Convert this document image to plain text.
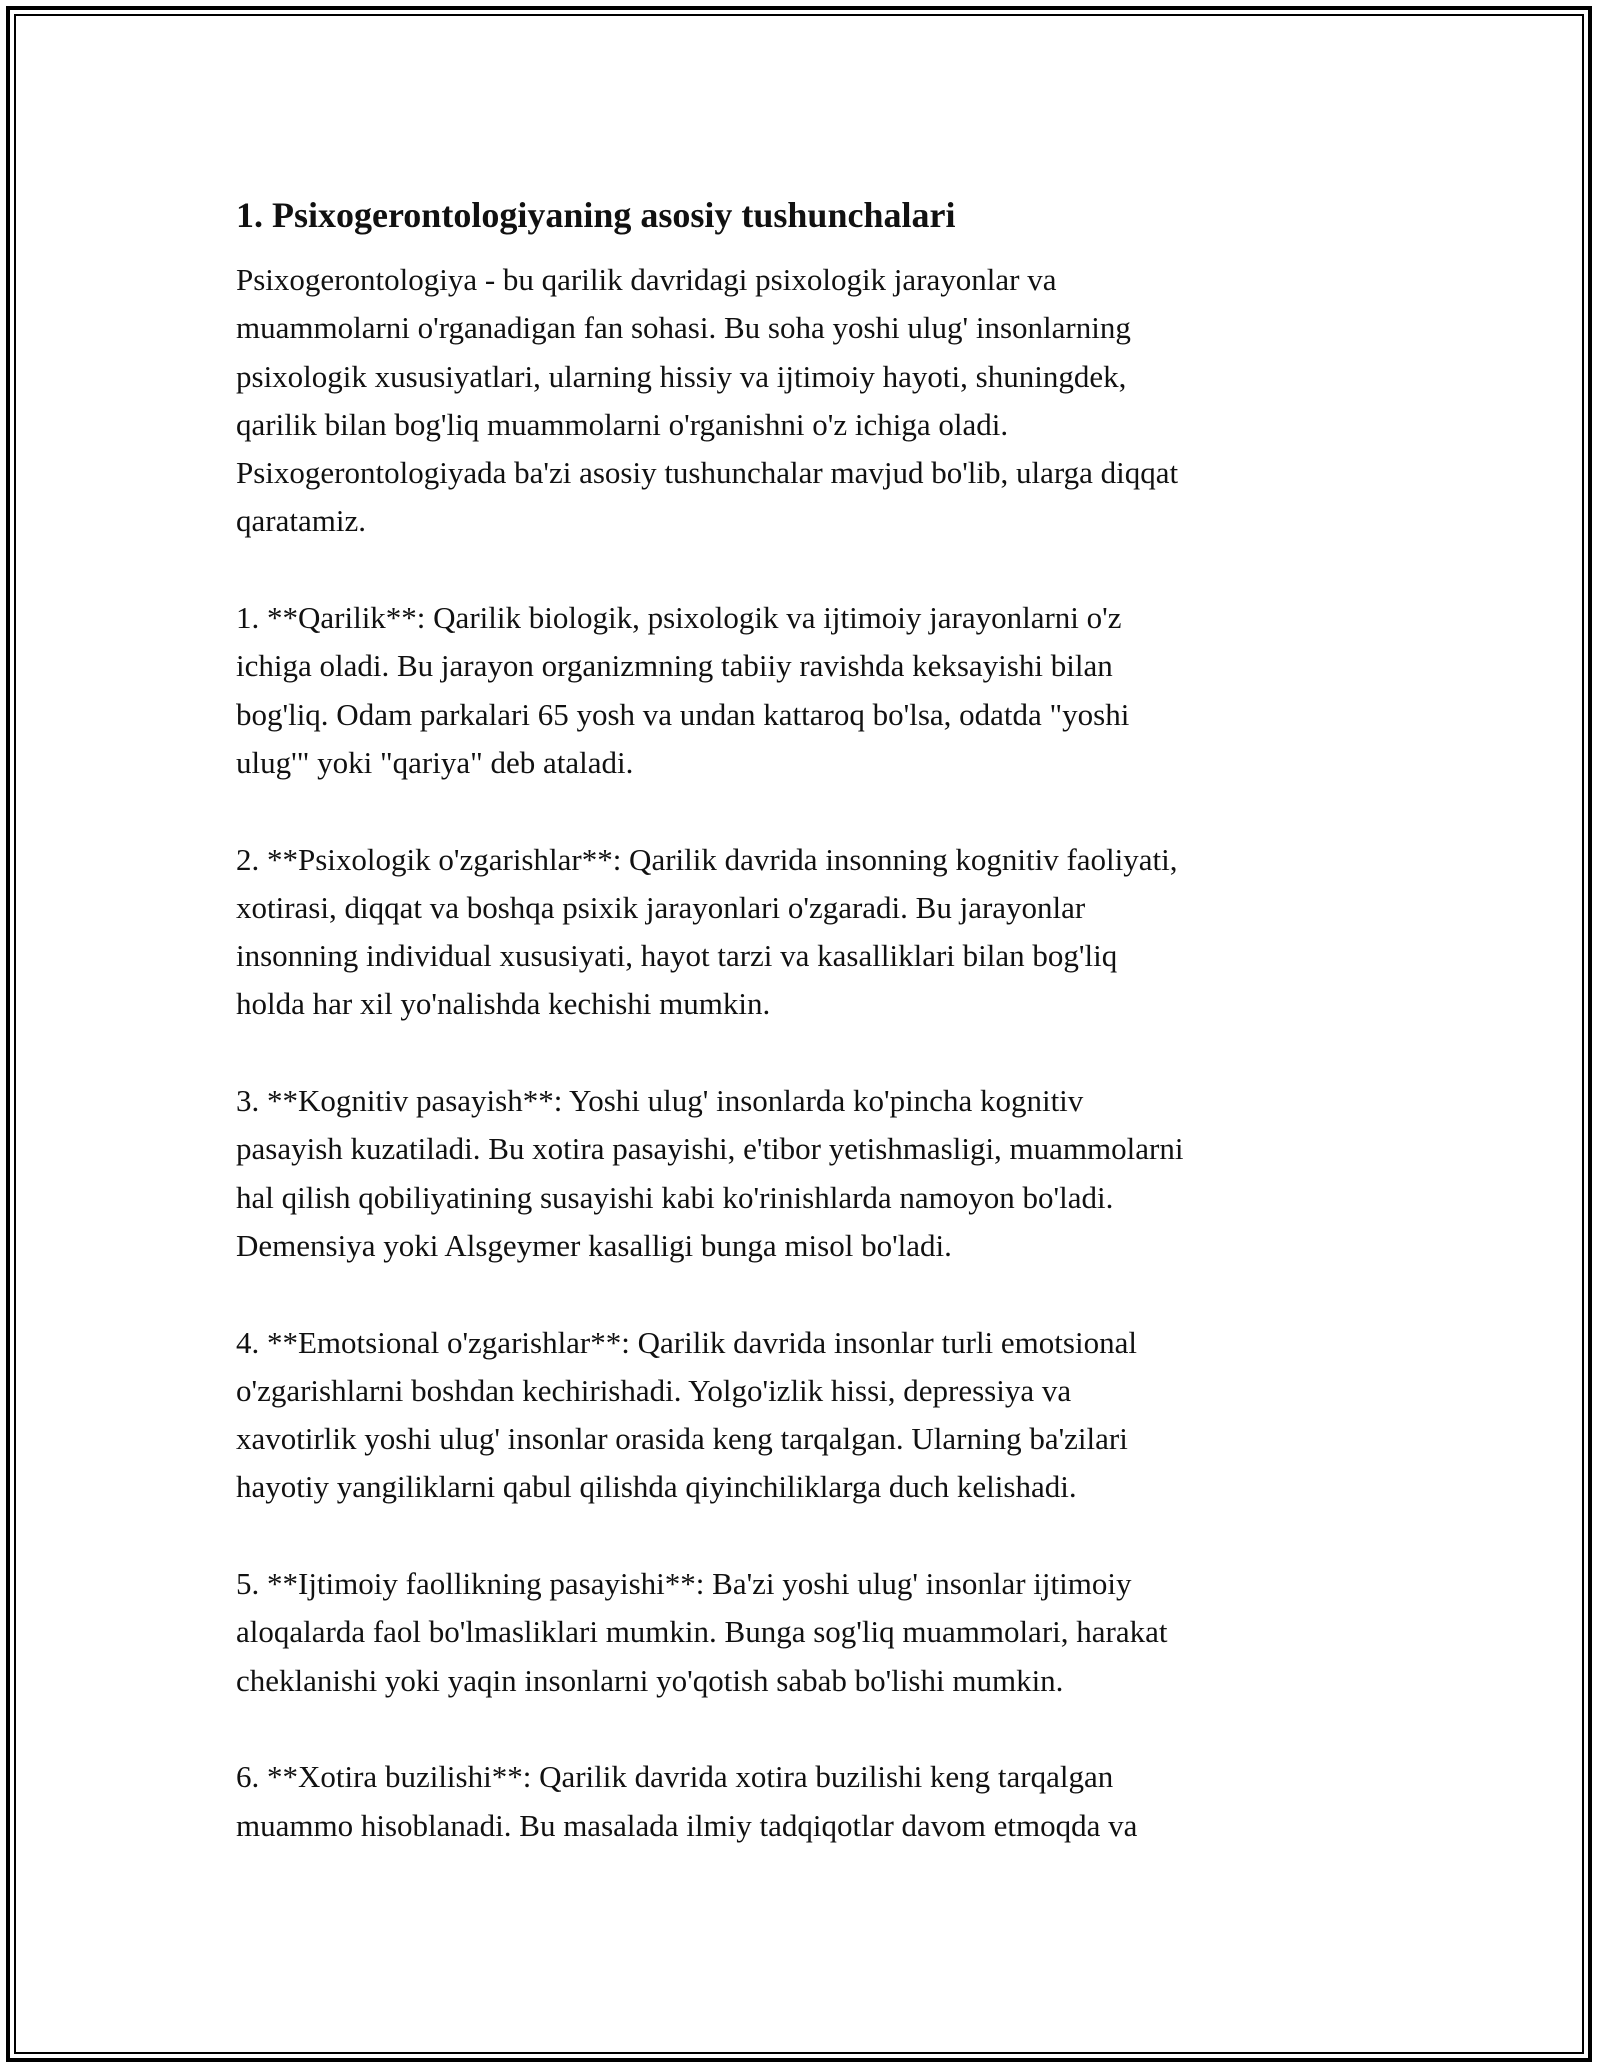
1. Psixogerontologiyaning asosiy tushunchalari
Psixogerontologiya - bu qarilik davridagi psixologik jarayonlar va
muammolarni o'rganadigan fan sohasi. Bu soha yoshi ulug' insonlarning
psixologik xususiyatlari, ularning hissiy va ijtimoiy hayoti, shuningdek,
qarilik bilan bog'liq muammolarni o'rganishni o'z ichiga oladi.
Psixogerontologiyada ba'zi asosiy tushunchalar mavjud bo'lib, ularga diqqat
qaratamiz.
1. **Qarilik**: Qarilik biologik, psixologik va ijtimoiy jarayonlarni o'z
ichiga oladi. Bu jarayon organizmning tabiiy ravishda keksayishi bilan
bog'liq. Odam parkalari 65 yosh va undan kattaroq bo'lsa, odatda "yoshi
ulug'" yoki "qariya" deb ataladi.
2. **Psixologik o'zgarishlar**: Qarilik davrida insonning kognitiv faoliyati,
xotirasi, diqqat va boshqa psixik jarayonlari o'zgaradi. Bu jarayonlar
insonning individual xususiyati, hayot tarzi va kasalliklari bilan bog'liq
holda har xil yo'nalishda kechishi mumkin.
3. **Kognitiv pasayish**: Yoshi ulug' insonlarda ko'pincha kognitiv
pasayish kuzatiladi. Bu xotira pasayishi, e'tibor yetishmasligi, muammolarni
hal qilish qobiliyatining susayishi kabi ko'rinishlarda namoyon bo'ladi.
Demensiya yoki Alsgeymer kasalligi bunga misol bo'ladi.
4. **Emotsional o'zgarishlar**: Qarilik davrida insonlar turli emotsional
o'zgarishlarni boshdan kechirishadi. Yolgo'izlik hissi, depressiya va
xavotirlik yoshi ulug' insonlar orasida keng tarqalgan. Ularning ba'zilari
hayotiy yangiliklarni qabul qilishda qiyinchiliklarga duch kelishadi.
5. **Ijtimoiy faollikning pasayishi**: Ba'zi yoshi ulug' insonlar ijtimoiy
aloqalarda faol bo'lmasliklari mumkin. Bunga sog'liq muammolari, harakat
cheklanishi yoki yaqin insonlarni yo'qotish sabab bo'lishi mumkin.
6. **Xotira buzilishi**: Qarilik davrida xotira buzilishi keng tarqalgan
muammo hisoblanadi. Bu masalada ilmiy tadqiqotlar davom etmoqda va
